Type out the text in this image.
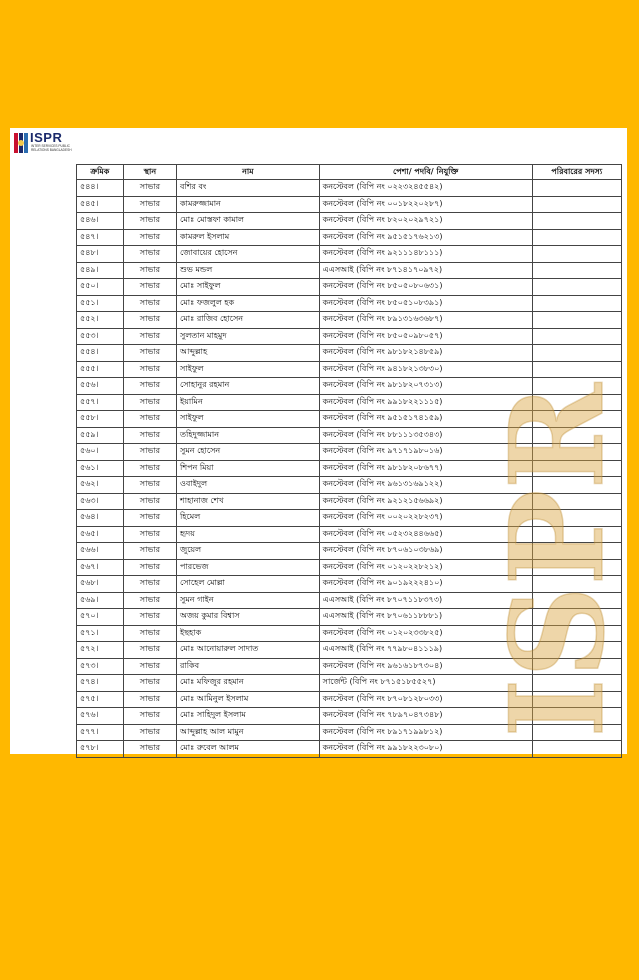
ISPR
INTER SERVICES PUBLIC RELATIONS BANGLADESH
ক্রমিক	স্থান	নাম	পেশা/ পদবি/ নিযুক্তি	পরিবারের সদস্য
৫৪৪।	সাভার	বশির বং	কনস্টেবল (বিপি নং ০২২৩২৪৫৫৪২)	
৫৪৫।	সাভার	কামরুজ্জামান	কনস্টেবল (বিপি নং ০০১৮২২০২৮৭)	
৫৪৬।	সাভার	মোঃ মোস্তফা কামাল	কনস্টেবল (বিপি নং ৮২০২০২৯৭২১)	
৫৪৭।	সাভার	কামরুল ইসলাম	কনস্টেবল (বিপি নং ৯৫১৫১৭৬২১৩)	
৫৪৮।	সাভার	জোবায়ের হোসেন	কনস্টেবল (বিপি নং ৯২১১১৪৮১১১)	
৫৪৯।	সাভার	শুভ মন্ডল	এএসআই (বিপি নং ৮৭১৪১৭০৯৭২)	
৫৫০।	সাভার	মোঃ সাইফুল	কনস্টেবল (বিপি নং ৮৫০৫০৮০৬৩১)	
৫৫১।	সাভার	মোঃ ফজলুল হক	কনস্টেবল (বিপি নং ৮৫০৫১০৮৩৯১)	
৫৫২।	সাভার	মোঃ রাজিব হোসেন	কনস্টেবল (বিপি নং ৮৯১৩১৬৩৬৮৭)	
৫৫৩।	সাভার	সুলতান মাহমুদ	কনস্টেবল (বিপি নং ৮৫০৫০৯৮০৫৭)	
৫৫৪।	সাভার	আব্দুল্লাহ	কনস্টেবল (বিপি নং ৯৮১৮২১৪৮৫৯)	
৫৫৫।	সাভার	সাইফুল	কনস্টেবল (বিপি নং ৯৪১৮২১৩৮৩০)	
৫৫৬।	সাভার	সোহানুর রহমান	কনস্টেবল (বিপি নং ৯৮১৮২০৭৩১৩)	
৫৫৭।	সাভার	ইয়ামিন	কনস্টেবল (বিপি নং ৯৯১৮২২১১১৫)	
৫৫৮।	সাভার	সাইফুল	কনস্টেবল (বিপি নং ৯৫১৫১৭৪১৫৯)	
৫৫৯।	সাভার	তহিদুজ্জামান	কনস্টেবল (বিপি নং ৮৮১১১৩৫৩৪৩)	
৫৬০।	সাভার	সুমন হোসেন	কনস্টেবল (বিপি নং ৯৭১৭১৯৮০১৬)	
৫৬১।	সাভার	শিপন মিয়া	কনস্টেবল (বিপি নং ৯৮১৮২০৮৬৭৭)	
৫৬২।	সাভার	ওবাইদুল	কনস্টেবল (বিপি নং ৯৬১৩১৬৯১২২)	
৫৬৩।	সাভার	শাহানাজ শেখ	কনস্টেবল (বিপি নং ৯২১২১৫৬৬৯২)	
৫৬৪।	সাভার	হিমেল	কনস্টেবল (বিপি নং ০০২০২২৮২৩৭)	
৫৬৫।	সাভার	হৃদয়	কনস্টেবল (বিপি নং ০৫২৩২৪৪৬৬৫)	
৫৬৬।	সাভার	জুয়েল	কনস্টেবল (বিপি নং ৮৭০৬১০৩৮৬৯)	
৫৬৭।	সাভার	পারভেজ	কনস্টেবল (বিপি নং ০১২০২২৮২১২)	
৫৬৮।	সাভার	সোহেল মোল্লা	কনস্টেবল (বিপি নং ৯০১৯২২২৪১০)	
৫৬৯।	সাভার	সুমন গাইন	এএসআই (বিপি নং ৮৭০৭১১৮৩৭৩)	
৫৭০।	সাভার	অজয় কুমার বিশ্বাস	এএসআই (বিপি নং ৮৭০৬১১৮৮৮১)	
৫৭১।	সাভার	ইছহাক	কনস্টেবল (বিপি নং ০১২০২৩৩৮২৫)	
৫৭২।	সাভার	মোঃ আনোয়ারুল সাদাত	এএসআই (বিপি নং ৭৭৯৮০৪১১১৯)	
৫৭৩।	সাভার	রাকিব	কনস্টেবল (বিপি নং ৯৬১৬১৮৭৩০৪)	
৫৭৪।	সাভার	মোঃ মফিজুর রহমান	সার্জেন্ট (বিপি নং ৮৭১৫১৮৫৫২৭)	
৫৭৫।	সাভার	মোঃ আমিনুল ইসলাম	কনস্টেবল (বিপি নং ৮৭০৮১২৮০৩৩)	
৫৭৬।	সাভার	মোঃ সাহিদুল ইসলাম	কনস্টেবল (বিপি নং ৭৮৯৭০৪৭৩৪৮)	
৫৭৭।	সাভার	আব্দুল্লাহ আল মামুন	কনস্টেবল (বিপি নং ৮৯১৭১৯৯৮১২)	
৫৭৮।	সাভার	মোঃ রুবেল আলম	কনস্টেবল (বিপি নং ৯৯১৮২২৩০৮০)	
ISPR
